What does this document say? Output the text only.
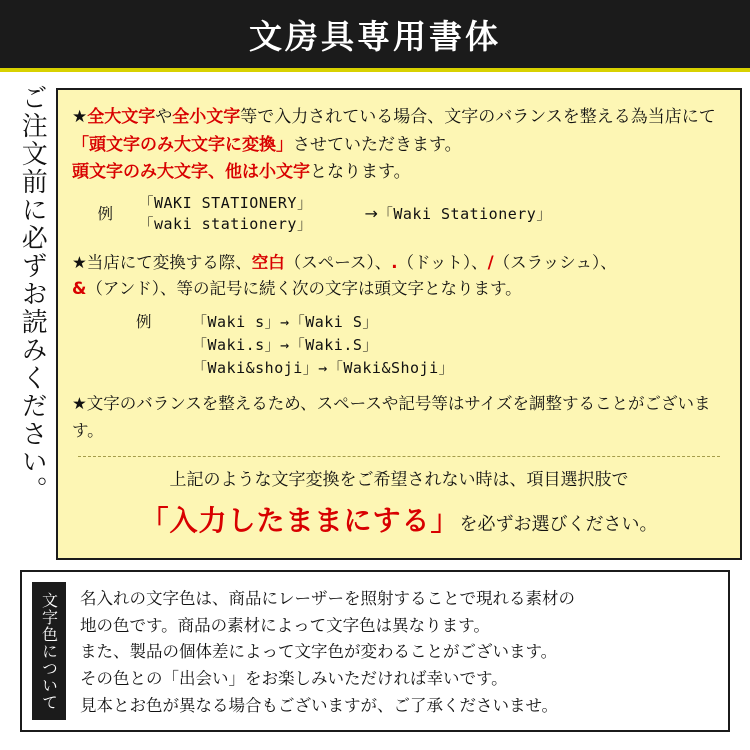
文房具専用書体
ご注文前に必ずお読みください。 ★全大文字や全小文字等で入力されている場合、文字のバランスを整える為当店にて「頭文字のみ大文字に変換」させていただきます。
頭文字のみ大文字、他は小文字となります。
例
「WAKI STATIONERY」
「waki stationery」
→「Waki Stationery」
★当店にて変換する際、空白（スペース）、.（ドット）、/（スラッシュ）、
&（アンド）、等の記号に続く次の文字は頭文字となります。
例	「Waki s」→「Waki S」
「Waki.s」→「Waki.S」
「Waki&shoji」→「Waki&Shoji」
★文字のバランスを整えるため、スペースや記号等はサイズを調整することがございます。
上記のような文字変換をご希望されない時は、項目選択肢で
「入力したままにする」を必ずお選びください。
文字色について 名入れの文字色は、商品にレーザーを照射することで現れる素材の
地の色です。商品の素材によって文字色は異なります。
また、製品の個体差によって文字色が変わることがございます。
その色との「出会い」をお楽しみいただければ幸いです。
見本とお色が異なる場合もございますが、ご了承くださいませ。
